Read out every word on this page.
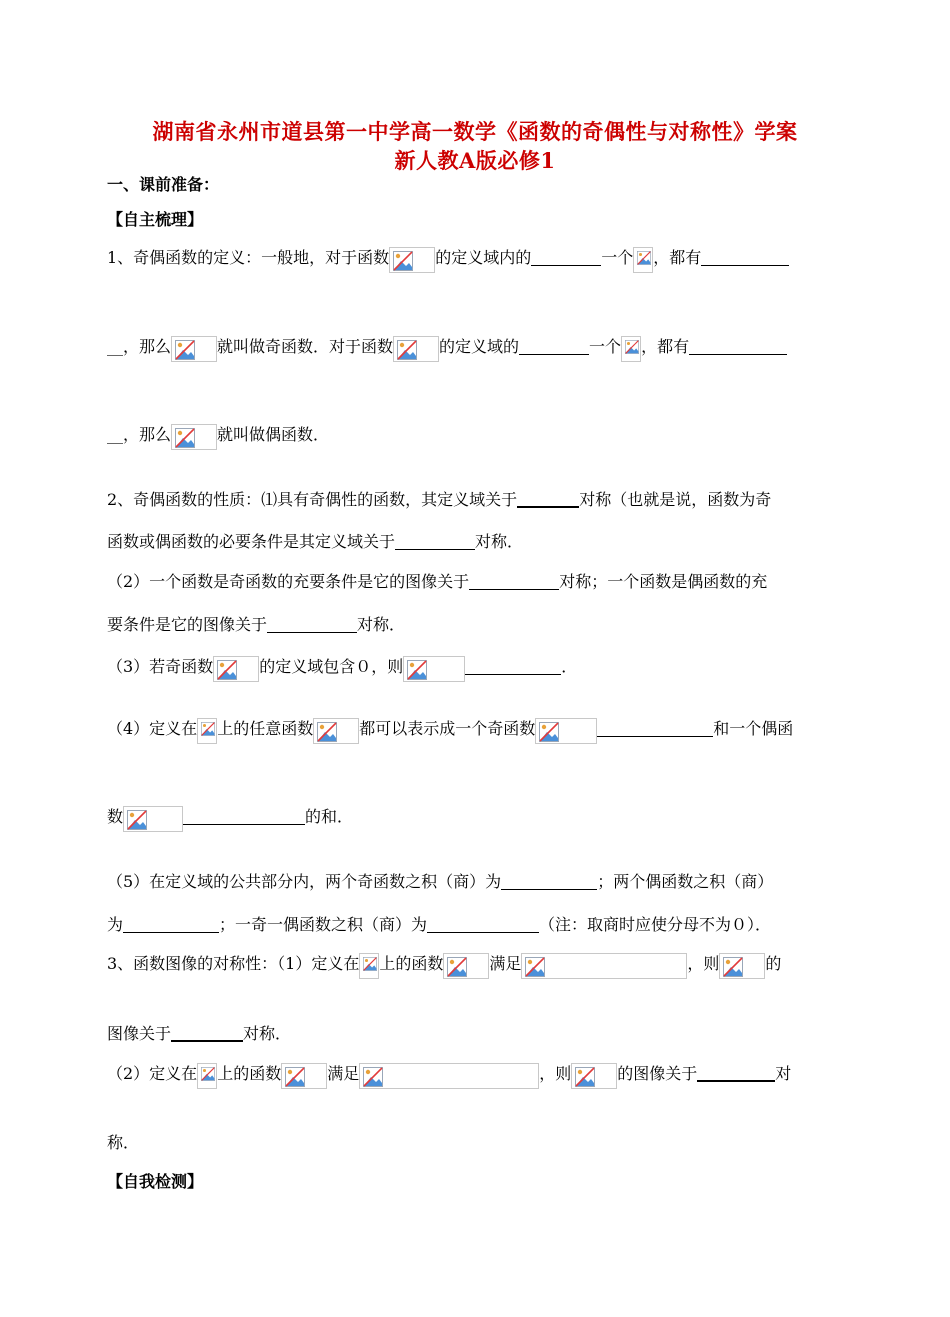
湖南省永州市道县第一中学高一数学《函数的奇偶性与对称性》学案
新人教A版必修1
一、课前准备：
【自主梳理】
1、奇偶函数的定义：一般地，对于函数	的定义域内的	一个 ，都有
__，那么	就叫做奇函数．对于函数	的定义域的	一个 ，都有
__，那么	就叫做偶函数．
2、奇偶函数的性质：⑴具有奇偶性的函数，其定义域关于	对称（也就是说，函数为奇
函数或偶函数的必要条件是其定义域关于	对称．
（2）一个函数是奇函数的充要条件是它的图像关于	对称；一个函数是偶函数的充
要条件是它的图像关于	对称．
（3）若奇函数	的定义域包含０，则	．
（4）定义在 上的任意函数	都可以表示成一个奇函数	和一个偶函
数	的和．
（5）在定义域的公共部分内，两个奇函数之积（商）为	；两个偶函数之积（商）
为	；一奇一偶函数之积（商）为	（注：取商时应使分母不为０）．
3、函数图像的对称性：（1）定义在 上的函数	满足	，则	的
图像关于	对称．
（2）定义在 上的函数	满足	，则	的图像关于	对
称．
【自我检测】
